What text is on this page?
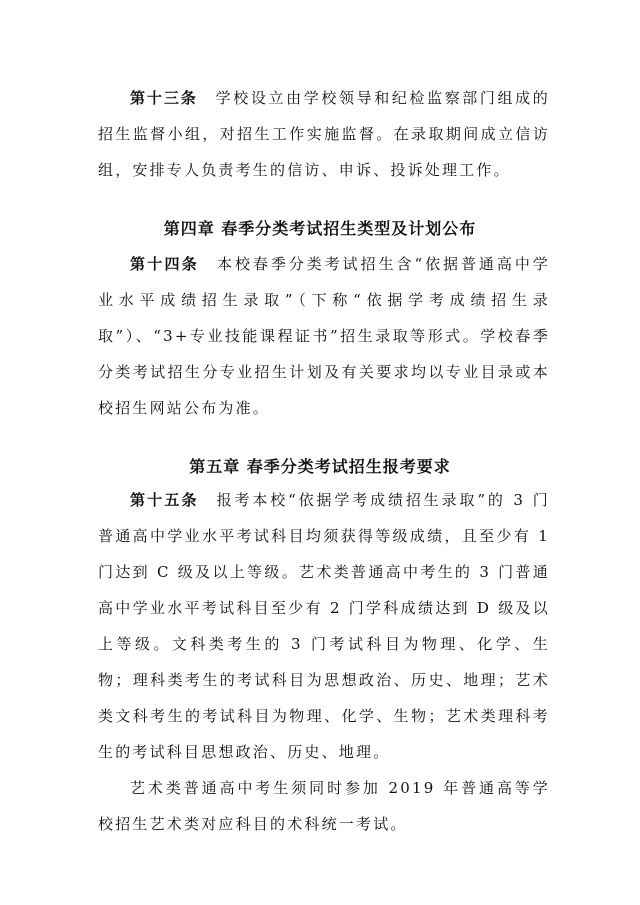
第十三条 学校设立由学校领导和纪检监察部门组成的招生监督小组，对招生工作实施监督。在录取期间成立信访组，安排专人负责考生的信访、申诉、投诉处理工作。

第四章 春季分类考试招生类型及计划公布

第十四条 本校春季分类考试招生含“依据普通高中学业水平成绩招生录取”（下称“依据学考成绩招生录取”）、“3+专业技能课程证书”招生录取等形式。学校春季分类考试招生分专业招生计划及有关要求均以专业目录或本校招生网站公布为准。

第五章 春季分类考试招生报考要求

第十五条 报考本校“依据学考成绩招生录取”的 3 门普通高中学业水平考试科目均须获得等级成绩，且至少有 1 门达到 C 级及以上等级。艺术类普通高中考生的 3 门普通高中学业水平考试科目至少有 2 门学科成绩达到 D 级及以上等级。文科类考生的 3 门考试科目为物理、化学、生物；理科类考生的考试科目为思想政治、历史、地理；艺术类文科考生的考试科目为物理、化学、生物；艺术类理科考生的考试科目思想政治、历史、地理。

艺术类普通高中考生须同时参加 2019 年普通高等学校招生艺术类对应科目的术科统一考试。
